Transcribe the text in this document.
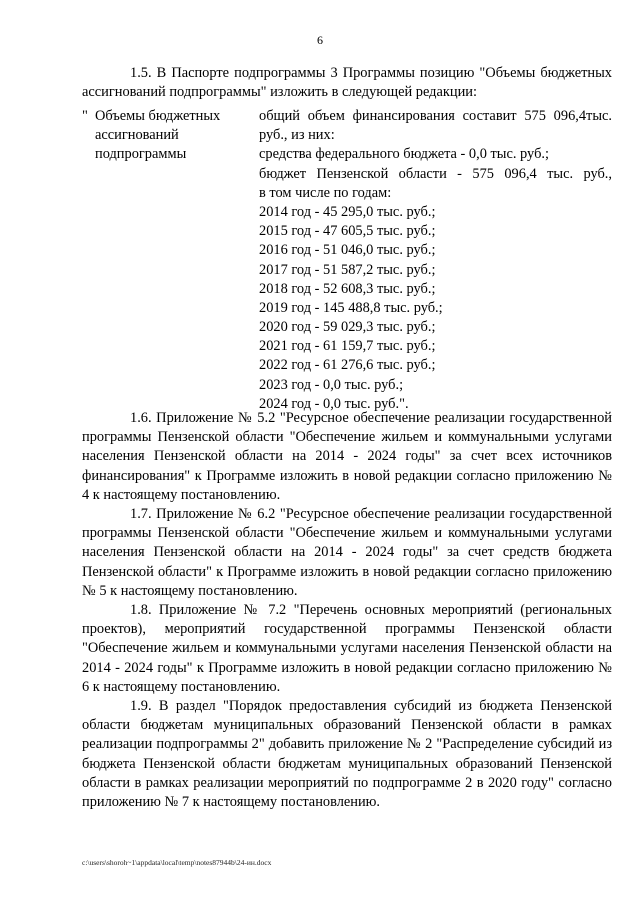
6

1.5. В Паспорте подпрограммы 3 Программы позицию "Объемы бюджетных ассигнований подпрограммы" изложить в следующей редакции:

" Объемы бюджетных
ассигнований
подпрограммы
общий объем финансирования составит 575 096,4тыс.
руб., из них:
средства федерального бюджета - 0,0 тыс. руб.;
бюджет Пензенской области - 575 096,4 тыс. руб.,
в том числе по годам:
2014 год - 45 295,0 тыс. руб.;
2015 год - 47 605,5 тыс. руб.;
2016 год - 51 046,0 тыс. руб.;
2017 год - 51 587,2 тыс. руб.;
2018 год - 52 608,3 тыс. руб.;
2019 год - 145 488,8 тыс. руб.;
2020 год - 59 029,3 тыс. руб.;
2021 год - 61 159,7 тыс. руб.;
2022 год - 61 276,6 тыс. руб.;
2023 год - 0,0 тыс. руб.;
2024 год - 0,0 тыс. руб.".

1.6. Приложение № 5.2 "Ресурсное обеспечение реализации государственной программы Пензенской области "Обеспечение жильем и коммунальными услугами населения Пензенской области на 2014 - 2024 годы" за счет всех источников финансирования" к Программе изложить в новой редакции согласно приложению № 4 к настоящему постановлению.

1.7. Приложение № 6.2 "Ресурсное обеспечение реализации государственной программы Пензенской области "Обеспечение жильем и коммунальными услугами населения Пензенской области на 2014 - 2024 годы" за счет средств бюджета Пензенской области" к Программе изложить в новой редакции согласно приложению № 5 к настоящему постановлению.

1.8. Приложение № 7.2 "Перечень основных мероприятий (региональных проектов), мероприятий государственной программы Пензенской области "Обеспечение жильем и коммунальными услугами населения Пензенской области на 2014 - 2024 годы" к Программе изложить в новой редакции согласно приложению № 6 к настоящему постановлению.

1.9. В раздел "Порядок предоставления субсидий из бюджета Пензенской области бюджетам муниципальных образований Пензенской области в рамках реализации подпрограммы 2" добавить приложение № 2 "Распределение субсидий из бюджета Пензенской области бюджетам муниципальных образований Пензенской области в рамках реализации мероприятий по подпрограмме 2 в 2020 году" согласно приложению № 7 к настоящему постановлению.

c:\users\shoroh~1\appdata\local\temp\notes87944b\24-ин.docx
